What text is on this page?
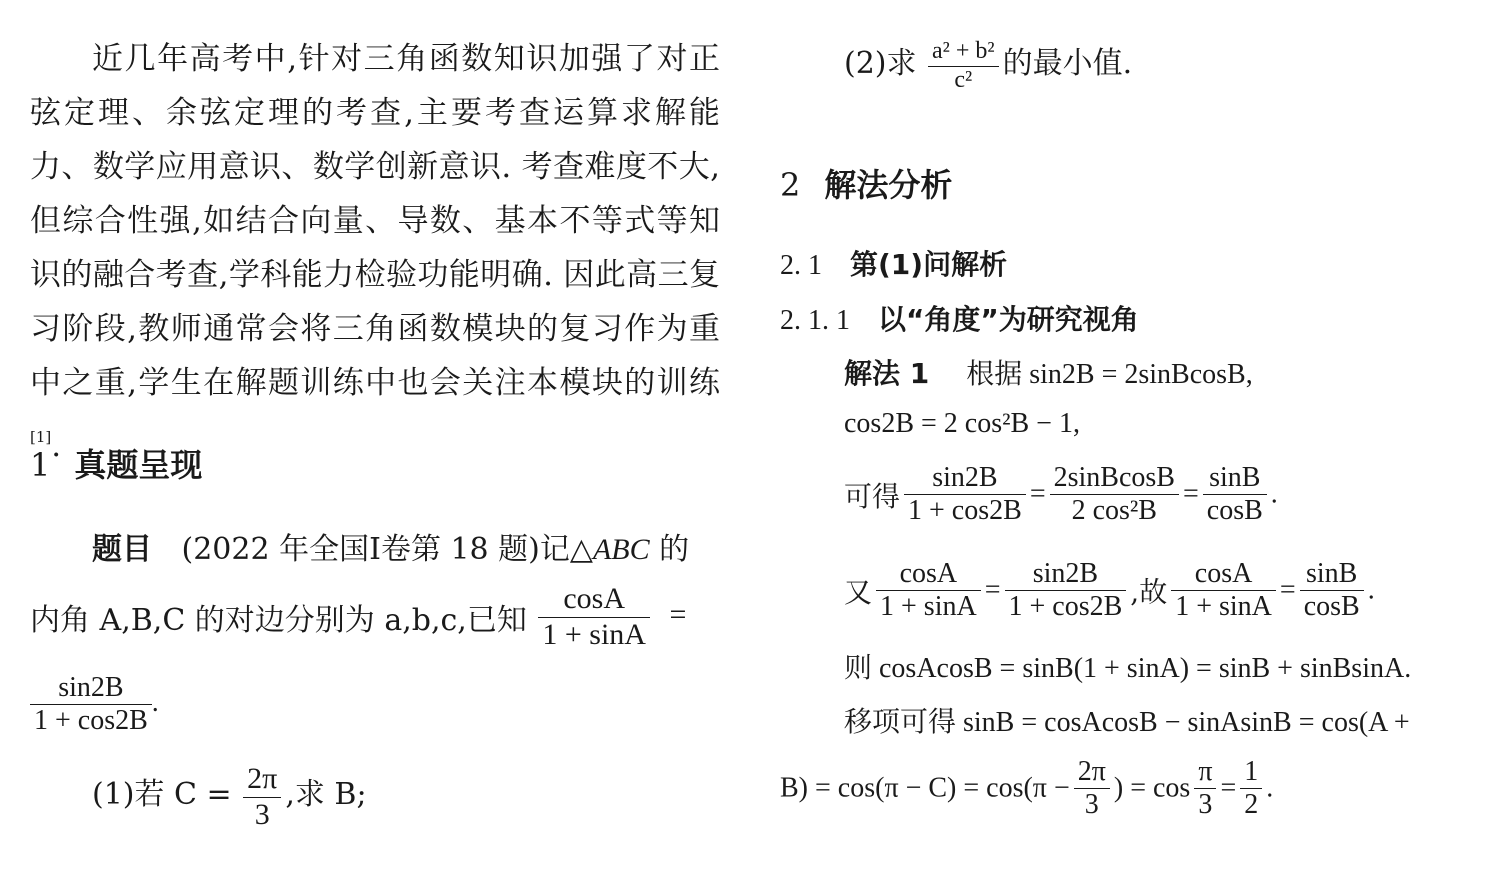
近几年高考中,针对三角函数知识加强了对正弦定理、余弦定理的考查,主要考查运算求解能力、数学应用意识、数学创新意识. 考查难度不大,但综合性强,如结合向量、导数、基本不等式等知识的融合考查,学科能力检验功能明确. 因此高三复习阶段,教师通常会将三角函数模块的复习作为重中之重,学生在解题训练中也会关注本模块的训练[1].

1 真题呈现
题目 (2022 年全国Ⅰ卷第 18 题)记△ABC 的
内角 A,B,C 的对边分别为 a,b,c,已知 $\frac{\cos A}{1 + \sin A}$ =
$\frac{\sin 2B}{1 + \cos 2B}$ .
(1)若 $C = \frac{2\pi}{3}$ ,求 B;
(2)求 $\frac{\text{a² + b²}}{\text{c²}}$ 的最小值.
2 解法分析
2. 1 第(1)问解析
2. 1. 1 以“角度”为研究视角
解法 1 根据 sin2B = 2sinBcosB,
cos2B = 2 cos²B − 1,
可得 $\frac{\sin 2B}{1 + \cos 2B} = \frac{\text{2sinBcosB}}{\text{2 cos²B}} = \frac{\sin B}{\cos B}$ .
又 $\frac{\cos A}{1 + \sin A} = \frac{\sin 2B}{1 + \cos 2B}$ ,故 $\frac{\cos A}{1 + \sin A} = \frac{\sin B}{\cos B}$ .
则 cosAcosB = sinB(1 + sinA) = sinB + sinBsinA.
移项可得 sinB = cosAcosB − sinAsinB = cos(A +
$B) = \cos(\pi - C) = \cos(\pi - \frac{2\pi}{3}$ ) = $\cos \frac{\pi}{3} = \frac{1}{2}$ .
